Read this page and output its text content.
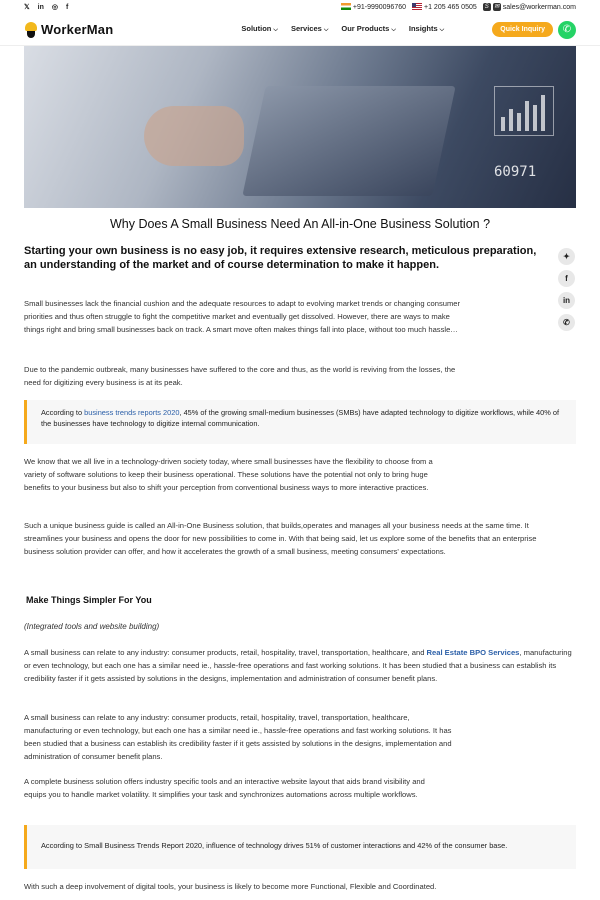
𝕏 in ◎ f	+91-9990096760	+1 205 465 0505	S ✉ sales@workerman.com
WorkerMan	Solution ⌵ Services ⌵ Our Products ⌵ Insights ⌵	Quick Inquiry	✆
60971
Why Does A Small Business Need An All-in-One Business Solution ?

Starting your own business is no easy job, it requires extensive research, meticulous preparation, an understanding of the market and of course determination to make it happen.

✦
f
in
✆

Small businesses lack the financial cushion and the adequate resources to adapt to evolving market trends or changing consumer priorities and thus often struggle to fight the competitive market and eventually get dissolved. However, there are ways to make things right and bring small businesses back on track. A smart move often makes things fall into place, without too much hassle…

Due to the pandemic outbreak, many businesses have suffered to the core and thus, as the world is reviving from the losses, the need for digitizing every business is at its peak.

According to business trends reports 2020, 45% of the growing small-medium businesses (SMBs) have adapted technology to digitize workflows, while 40% of the businesses have technology to digitize internal communication.

We know that we all live in a technology-driven society today, where small businesses have the flexibility to choose from a variety of software solutions to keep their business operational. These solutions have the potential not only to bring huge benefits to your business but also to shift your perception from conventional business ways to more interactive practices.

Such a unique business guide is called an All-in-One Business solution, that builds,operates and manages all your business needs at the same time. It streamlines your business and opens the door for new possibilities to come in. With that being said, let us explore some of the benefits that an enterprise business solution provider can offer, and how it accelerates the growth of a small business, meeting consumers' expectations.

Make Things Simpler For You

(Integrated tools and website building)

A small business can relate to any industry: consumer products, retail, hospitality, travel, transportation, healthcare, and Real Estate BPO Services, manufacturing or even technology, but each one has a similar need ie., hassle-free operations and fast working solutions. It has been studied that a business can establish its credibility faster if it gets assisted by solutions in the designs, implementation and administration of consumer benefit plans.

A small business can relate to any industry: consumer products, retail, hospitality, travel, transportation, healthcare, manufacturing or even technology, but each one has a similar need ie., hassle-free operations and fast working solutions. It has been studied that a business can establish its credibility faster if it gets assisted by solutions in the designs, implementation and administration of consumer benefit plans.

A complete business solution offers industry specific tools and an interactive website layout that aids brand visibility and equips you to handle market volatility. It simplifies your task and synchronizes automations across multiple workflows.

According to Small Business Trends Report 2020, influence of technology drives 51% of customer interactions and 42% of the consumer base.

With such a deep involvement of digital tools, your business is likely to become more Functional, Flexible and Coordinated.
